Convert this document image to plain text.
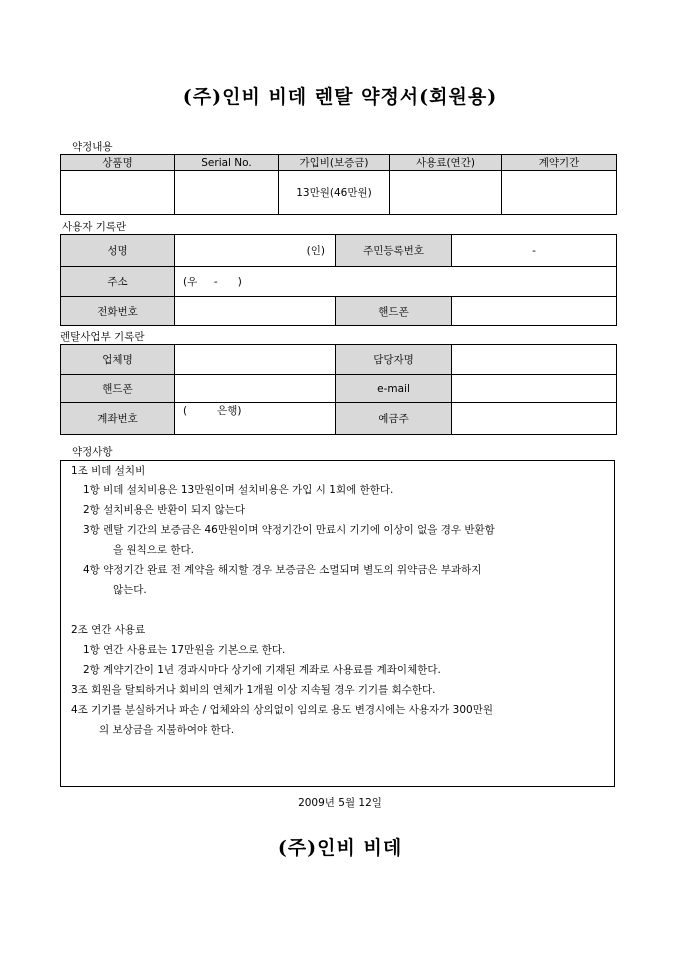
(주)인비 비데 렌탈 약정서(회원용)
약정내용
상품명	Serial No.	가입비(보증금)	사용료(연간)	계약기간
		13만원(46만원)		
사용자 기록란
성명	(인)	주민등록번호	-
주소	(우     -      )		
전화번호		핸드폰	
렌탈사업부 기록란
업체명		담당자명	
핸드폰		e-mail	
계좌번호	(         은행)	예금주	
약정사항

1조 비데 설치비

1항 비데 설치비용은 13만원이며 설치비용은 가입 시 1회에 한한다.

2항 설치비용은 반환이 되지 않는다

3항 렌탈 기간의 보증금은 46만원이며 약정기간이 만료시 기기에 이상이 없을 경우 반환함

을 원칙으로 한다.

4항 약정기간 완료 전 계약을 해지할 경우 보증금은 소멸되며 별도의 위약금은 부과하지

않는다.

2조 연간 사용료

1항 연간 사용료는 17만원을 기본으로 한다.

2항 계약기간이 1년 경과시마다 상기에 기재된 계좌로 사용료를 계좌이체한다.

3조 회원을 탈퇴하거나 회비의 연체가 1개월 이상 지속될 경우 기기를 회수한다.

4조 기기를 분실하거나 파손 / 업체와의 상의없이 임의로 용도 변경시에는 사용자가 300만원

의 보상금을 지불하여야 한다.

2009년 5월 12일
(주)인비 비데
